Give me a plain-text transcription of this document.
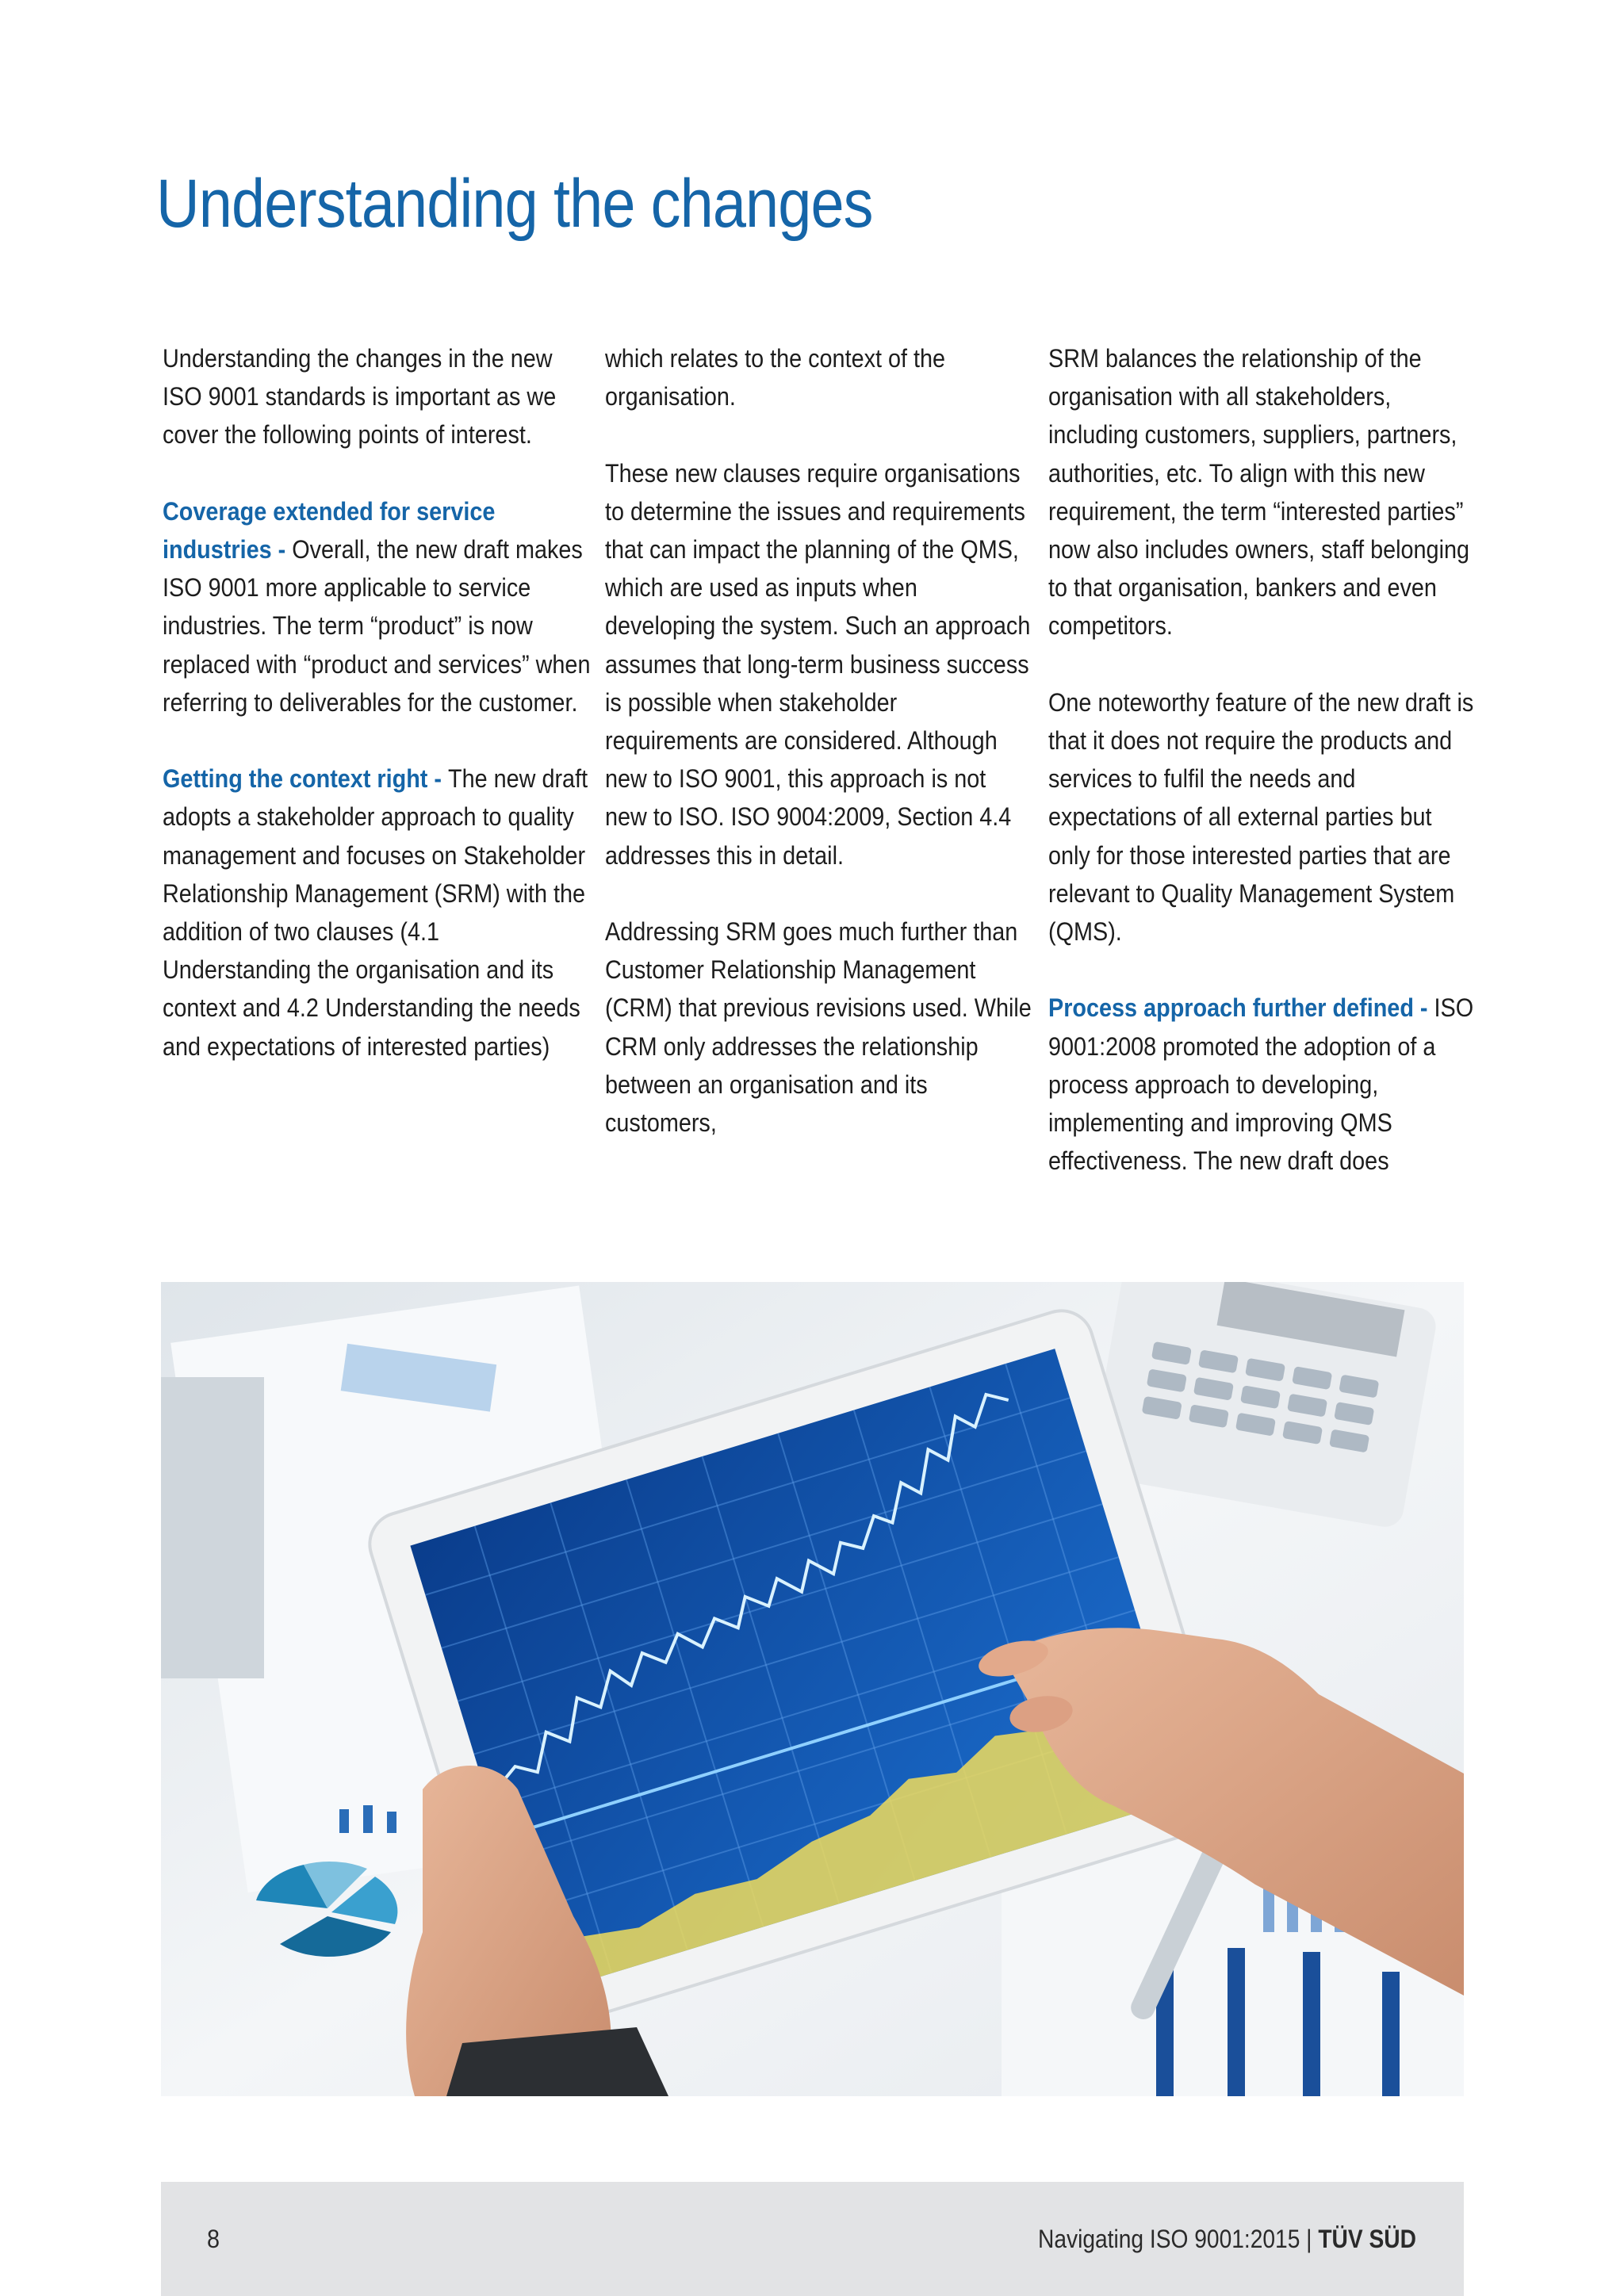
Understanding the changes

Understanding the changes in the new ISO 9001 standards is important as we cover the following points of interest.

Coverage extended for service industries - Overall, the new draft makes ISO 9001 more applicable to service industries. The term “product” is now replaced with “product and services” when referring to deliverables for the customer.

Getting the context right - The new draft adopts a stakeholder approach to quality management and focuses on Stakeholder Relationship Management (SRM) with the addition of two clauses (4.1 Understanding the organisation and its context and 4.2 Understanding the needs and expectations of interested parties)

which relates to the context of the organisation.

These new clauses require organisations to determine the issues and requirements that can impact the planning of the QMS, which are used as inputs when developing the system. Such an approach assumes that long-term business success is possible when stakeholder requirements are considered. Although new to ISO 9001, this approach is not new to ISO. ISO 9004:2009, Section 4.4 addresses this in detail.

Addressing SRM goes much further than Customer Relationship Management (CRM) that previous revisions used. While CRM only addresses the relationship between an organisation and its customers,

SRM balances the relationship of the organisation with all stakeholders, including customers, suppliers, partners, authorities, etc. To align with this new requirement, the term “interested parties” now also includes owners, staff belonging to that organisation, bankers and even competitors.

One noteworthy feature of the new draft is that it does not require the products and services to fulfil the needs and expectations of all external parties but only for those interested parties that are relevant to Quality Management System (QMS).

Process approach further defined - ISO 9001:2008 promoted the adoption of a process approach to developing, implementing and improving QMS effectiveness. The new draft does

8	Navigating ISO 9001:2015 | TÜV SÜD
